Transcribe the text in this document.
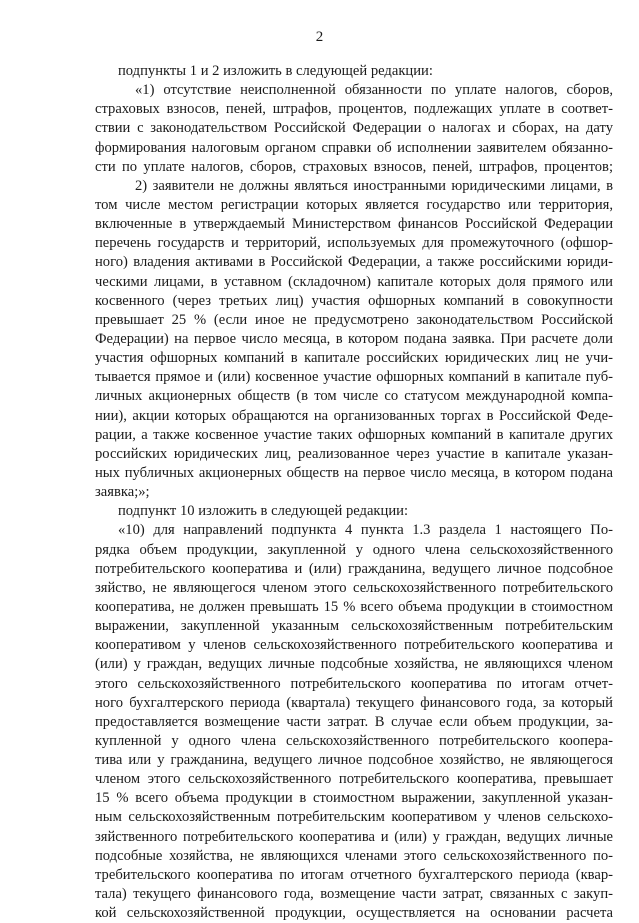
2
подпункты 1 и 2 изложить в следующей редакции:
«1) отсутствие неисполненной обязанности по уплате налогов, сборов,
страховых взносов, пеней, штрафов, процентов, подлежащих уплате в соответ-
ствии с законодательством Российской Федерации о налогах и сборах, на дату
формирования налоговым органом справки об исполнении заявителем обязанно-
сти по уплате налогов, сборов, страховых взносов, пеней, штрафов, процентов;
2) заявители не должны являться иностранными юридическими лицами, в
том числе местом регистрации которых является государство или территория,
включенные в утверждаемый Министерством финансов Российской Федерации
перечень государств и территорий, используемых для промежуточного (офшор-
ного) владения активами в Российской Федерации, а также российскими юриди-
ческими лицами, в уставном (складочном) капитале которых доля прямого или
косвенного (через третьих лиц) участия офшорных компаний в совокупности
превышает 25 % (если иное не предусмотрено законодательством Российской
Федерации) на первое число месяца, в котором подана заявка. При расчете доли
участия офшорных компаний в капитале российских юридических лиц не учи-
тывается прямое и (или) косвенное участие офшорных компаний в капитале пуб-
личных акционерных обществ (в том числе со статусом международной компа-
нии), акции которых обращаются на организованных торгах в Российской Феде-
рации, а также косвенное участие таких офшорных компаний в капитале других
российских юридических лиц, реализованное через участие в капитале указан-
ных публичных акционерных обществ на первое число месяца, в котором подана
заявка;»;
подпункт 10 изложить в следующей редакции:
«10) для направлений подпункта 4 пункта 1.3 раздела 1 настоящего По-
рядка объем продукции, закупленной у одного члена сельскохозяйственного
потребительского кооператива и (или) гражданина, ведущего личное подсобное
зяйство, не являющегося членом этого сельскохозяйственного потребительского
кооператива, не должен превышать 15 % всего объема продукции в стоимостном
выражении, закупленной указанным сельскохозяйственным потребительским
кооперативом у членов сельскохозяйственного потребительского кооператива и
(или) у граждан, ведущих личные подсобные хозяйства, не являющихся членом
этого сельскохозяйственного потребительского кооператива по итогам отчет-
ного бухгалтерского периода (квартала) текущего финансового года, за который
предоставляется возмещение части затрат. В случае если объем продукции, за-
купленной у одного члена сельскохозяйственного потребительского коопера-
тива или у гражданина, ведущего личное подсобное хозяйство, не являющегося
членом этого сельскохозяйственного потребительского кооператива, превышает
15 % всего объема продукции в стоимостном выражении, закупленной указан-
ным сельскохозяйственным потребительским кооперативом у членов сельскохо-
зяйственного потребительского кооператива и (или) у граждан, ведущих личные
подсобные хозяйства, не являющихся членами этого сельскохозяйственного по-
требительского кооператива по итогам отчетного бухгалтерского периода (квар-
тала) текущего финансового года, возмещение части затрат, связанных с закуп-
кой сельскохозяйственной продукции, осуществляется на основании расчета
